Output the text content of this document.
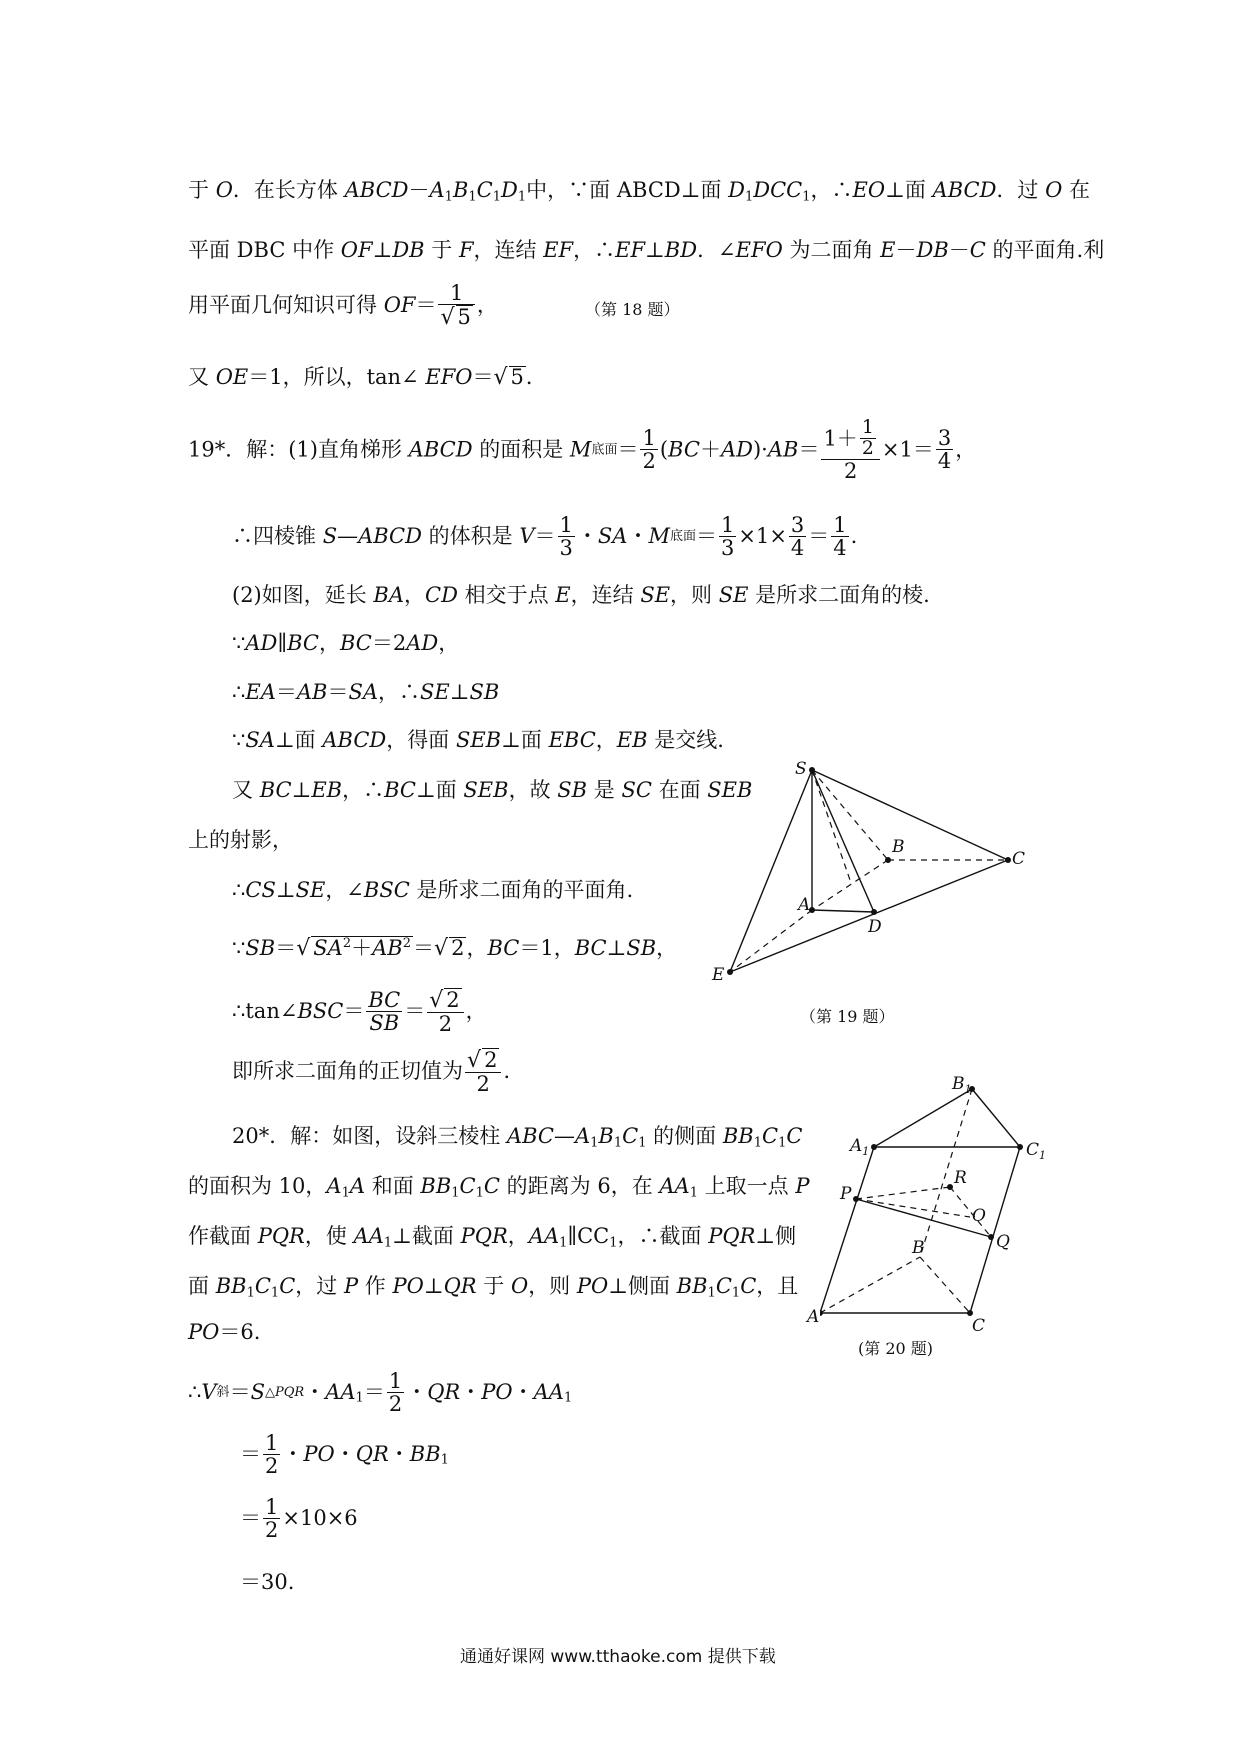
于 O．在长方体 $ABCD-A_1B_1C_1D_1$中，∵面 ABCD⊥面 $D_1DCC_1$，∴EO⊥面 ABCD．过 O 在
平面 DBC 中作 OF⊥DB 于 F，连结 EF，∴EF⊥BD．∠EFO 为二面角 E－DB－C 的平面角.利
用平面几何知识可得 $OF= \frac{1}{√ 5}$ ，	（第 18 题）
又 OE＝1，所以，tan∠ EFO＝√ 5．
19*．解：(1)直角梯形 ABCD 的面积是 M底面＝ $\frac{1}{2} (BC+AD)\cdot AB= \frac{1+ \frac{1}{2}}{2} \times 1= \frac{3}{4}$ ，
∴四棱锥 S—ABCD 的体积是 $V= \frac{1}{3}$ ・SA・M底面＝ $\frac{1}{3} \times 1\times \frac{3}{4} = \frac{1}{4}$ .
(2)如图，延长 BA，CD 相交于点 E，连结 SE，则 SE 是所求二面角的棱.
∵AD∥BC，BC＝2AD，
∴EA＝AB＝SA，∴SE⊥SB
∵SA⊥面 ABCD，得面 SEB⊥面 EBC，EB 是交线.
又 BC⊥EB，∴BC⊥面 SEB，故 SB 是 SC 在面 SEB
上的射影，
∴CS⊥SE，∠BSC 是所求二面角的平面角.
∵SB＝√ $SA^2+AB^2=√$ 2，BC＝1，BC⊥SB，
∴tan∠BSC＝ $\frac{BC}{SB} = \frac{√ 2}{2}$ ，
即所求二面角的正切值为 $\frac{√ 2}{2}$ ．
20*．解：如图，设斜三棱柱 $ABC—A_1B_1C_1$ 的侧面 $BB_1C_1C$
的面积为 10，$A_1A$ 和面 $BB_1C_1C$ 的距离为 6，在 $AA_1$ 上取一点 P
作截面 PQR，使 $AA_1\perp$截面 PQR，$AA_1\parallel CC_1$，∴截面 PQR⊥侧
面 $BB_1C_1C$，过 P 作 PO⊥QR 于 O，则 PO⊥侧面 $BB_1C_1C$，且
PO＝6.
∴V斜＝S△PQR・$AA_1= \frac{1}{2}$ ・QR・PO・$AA_1$
＝ $\frac{1}{2}$ ・PO・QR・$BB_1$
＝ $\frac{1}{2} \times 10\times 6$
＝30.
S
B
C
A
D
E
（第 19 题）
$B_1$
$A_1$	$C_1$
P
R
O
B	Q
C
A
(第 20 题)
通通好课网 www.tthaoke.com 提供下载
